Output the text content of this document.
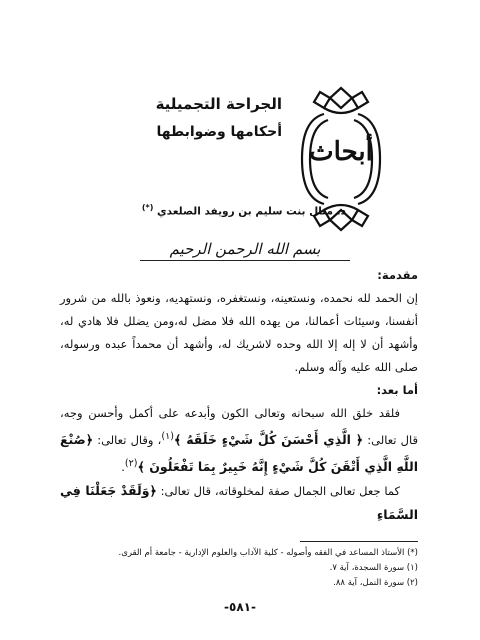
الجراحة التجميلية
أحكامها وضوابطها
أبحاث
د. منال بنت سليم بن رويفد الصلعدي (*)
بسم الله الرحمن الرحيم

مقدمة:

إن الحمد لله نحمده، ونستعينه، ونستغفره، ونستهديه، ونعوذ بالله من شرور أنفسنا، وسيئات أعمالنا، من يهده الله فلا مضل له،ومن يضلل فلا هادي له، وأشهد أن لا إله إلا الله وحده لاشريك له، وأشهد أن محمداً عبده ورسوله، صلى الله عليه وآله وسلم.

أما بعد:

فلقد خلق الله سبحانه وتعالى الكون وأبدعه على أكمل وأحسن وجه، قال تعالى: ﴿ الَّذِي أَحْسَنَ كُلَّ شَيْءٍ خَلَقَهُ ﴾$^{(١)}$، وقال تعالى: ﴿صُنْعَ اللَّهِ الَّذِي أَتْقَنَ كُلَّ شَيْءٍ إِنَّهُ خَبِيرٌ بِمَا تَفْعَلُونَ ﴾$^{(٢)}$.

كما جعل تعالى الجمال صفة لمخلوقاته، قال تعالى: ﴿وَلَقَدْ جَعَلْنَا فِي السَّمَاءِ

(*) الأستاذ المساعد في الفقه وأصوله - كلية الآداب والعلوم الإدارية - جامعة أم القرى.
(١) سورة السجدة، آية ٧.
(٢) سورة النمل، آية ٨٨.
-٥٨١-
